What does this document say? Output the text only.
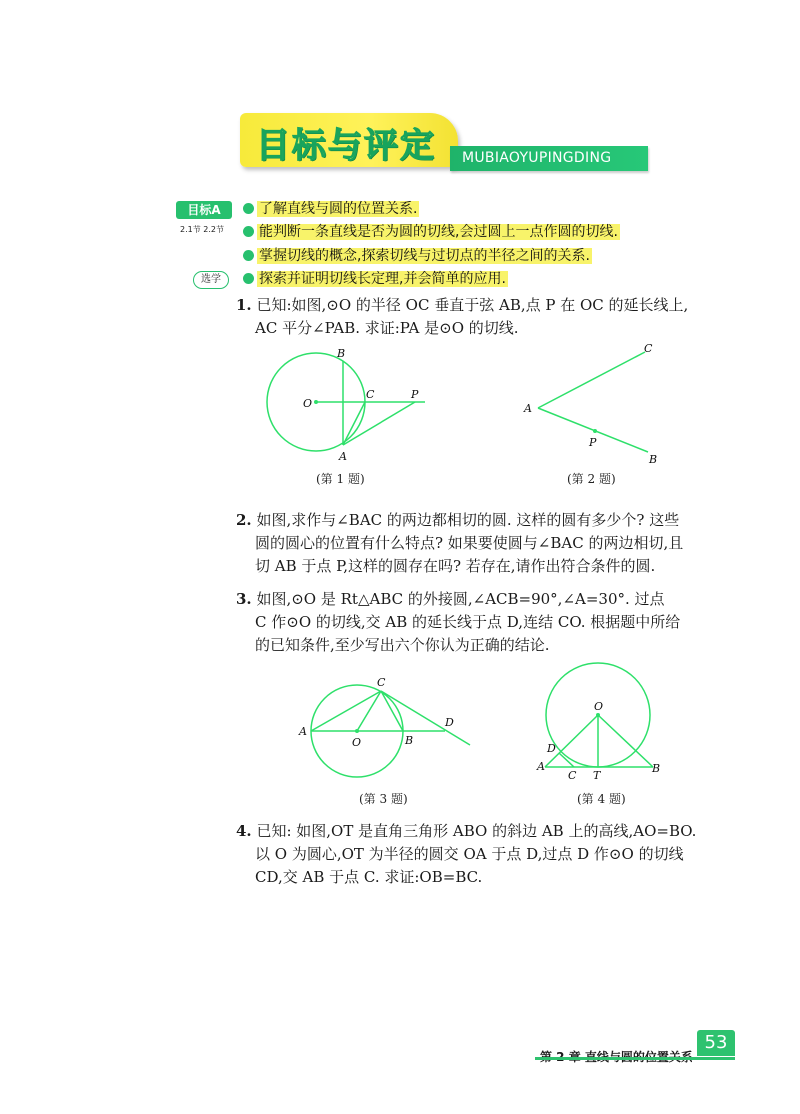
目标与评定 MUBIAOYUPINGDING
目标A
2.1节 2.2节
选学
了解直线与圆的位置关系.
能判断一条直线是否为圆的切线,会过圆上一点作圆的切线.
掌握切线的概念,探索切线与过切点的半径之间的关系.
探索并证明切线长定理,并会简单的应用.
1. 已知:如图,⊙O 的半径 OC 垂直于弦 AB,点 P 在 OC 的延长线上,
AC 平分∠PAB. 求证:PA 是⊙O 的切线.
B
O
C	P
A
(第 1 题)
C
A
P
B
(第 2 题)
2. 如图,求作与∠BAC 的两边都相切的圆. 这样的圆有多少个? 这些
圆的圆心的位置有什么特点? 如果要使圆与∠BAC 的两边相切,且
切 AB 于点 P,这样的圆存在吗? 若存在,请作出符合条件的圆.
3. 如图,⊙O 是 Rt△ABC 的外接圆,∠ACB=90°,∠A=30°. 过点
C 作⊙O 的切线,交 AB 的延长线于点 D,连结 CO. 根据题中所给
的已知条件,至少写出六个你认为正确的结论.
C
A
O	B
D
(第 3 题)
O
D
A
C T
B
(第 4 题)
4. 已知: 如图,OT 是直角三角形 ABO 的斜边 AB 上的高线,AO=BO.
以 O 为圆心,OT 为半径的圆交 OA 于点 D,过点 D 作⊙O 的切线
CD,交 AB 于点 C. 求证:OB=BC.
53
